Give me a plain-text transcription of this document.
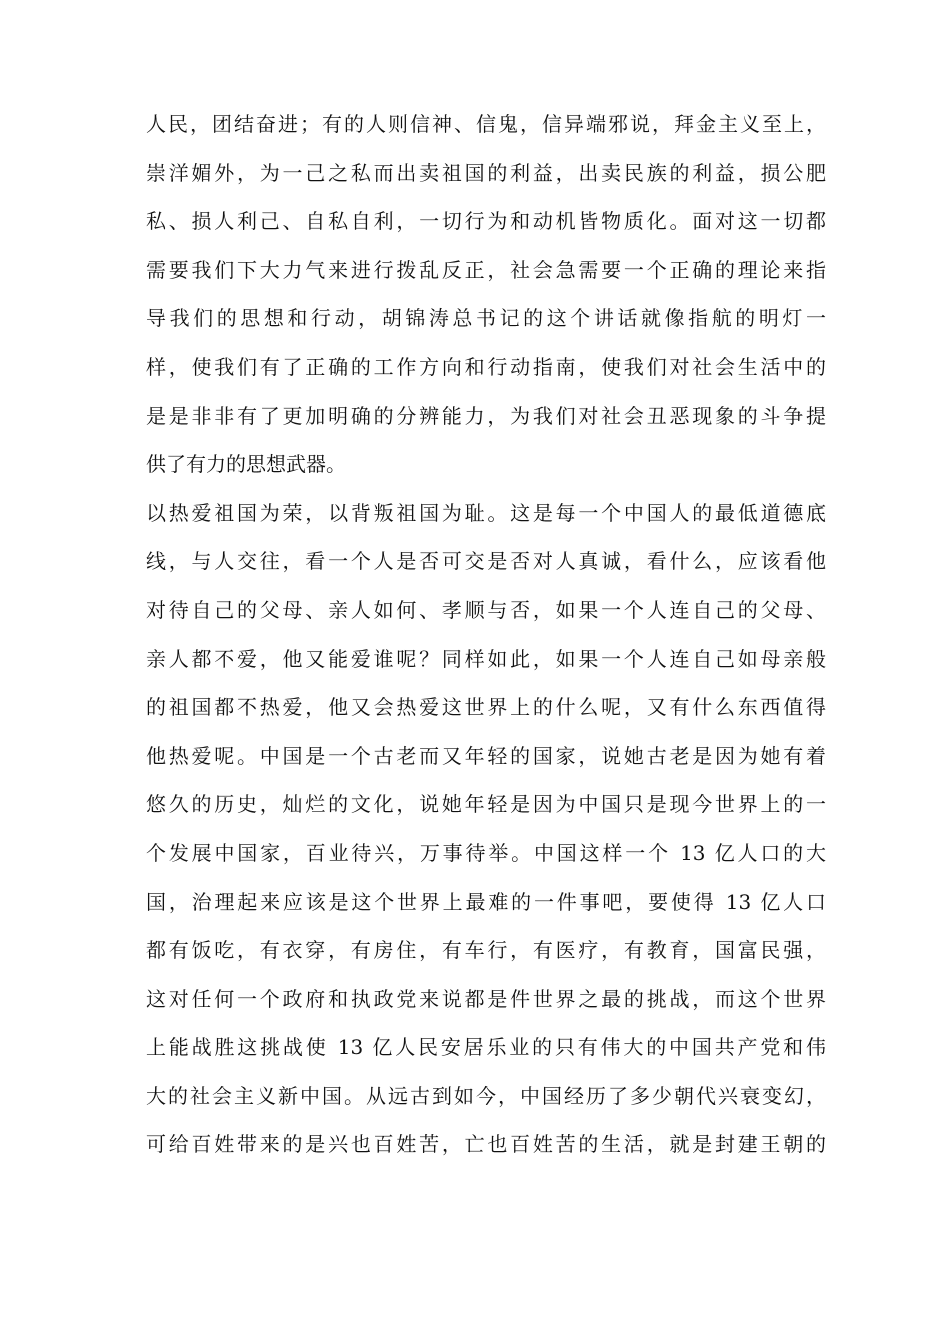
人民，团结奋进；有的人则信神、信鬼，信异端邪说，拜金主义至上，
崇洋媚外，为一己之私而出卖祖国的利益，出卖民族的利益，损公肥
私、损人利己、自私自利，一切行为和动机皆物质化。面对这一切都
需要我们下大力气来进行拨乱反正，社会急需要一个正确的理论来指
导我们的思想和行动，胡锦涛总书记的这个讲话就像指航的明灯一
样，使我们有了正确的工作方向和行动指南，使我们对社会生活中的
是是非非有了更加明确的分辨能力，为我们对社会丑恶现象的斗争提
供了有力的思想武器。
以热爱祖国为荣，以背叛祖国为耻。这是每一个中国人的最低道德底
线，与人交往，看一个人是否可交是否对人真诚，看什么，应该看他
对待自己的父母、亲人如何、孝顺与否，如果一个人连自己的父母、
亲人都不爱，他又能爱谁呢？同样如此，如果一个人连自己如母亲般
的祖国都不热爱，他又会热爱这世界上的什么呢，又有什么东西值得
他热爱呢。中国是一个古老而又年轻的国家，说她古老是因为她有着
悠久的历史，灿烂的文化，说她年轻是因为中国只是现今世界上的一
个发展中国家，百业待兴，万事待举。中国这样一个 13 亿人口的大
国，治理起来应该是这个世界上最难的一件事吧，要使得 13 亿人口
都有饭吃，有衣穿，有房住，有车行，有医疗，有教育，国富民强，
这对任何一个政府和执政党来说都是件世界之最的挑战，而这个世界
上能战胜这挑战使 13 亿人民安居乐业的只有伟大的中国共产党和伟
大的社会主义新中国。从远古到如今，中国经历了多少朝代兴衰变幻，
可给百姓带来的是兴也百姓苦，亡也百姓苦的生活，就是封建王朝的
